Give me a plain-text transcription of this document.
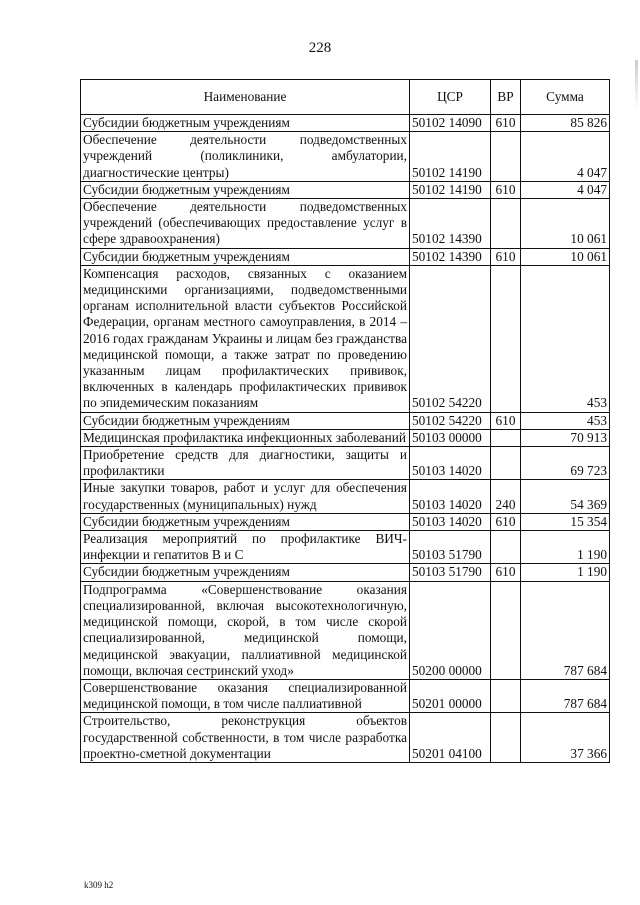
228
Наименование	ЦСР	ВР	Сумма
Субсидии бюджетным учреждениям	50102 14090	610	85 826
Обеспечение деятельности подведомственных учреждений (поликлиники, амбулатории, диагностические центры)	50102 14190		4 047
Субсидии бюджетным учреждениям	50102 14190	610	4 047
Обеспечение деятельности подведомственных учреждений (обеспечивающих предоставление услуг в сфере здравоохранения)	50102 14390		10 061
Субсидии бюджетным учреждениям	50102 14390	610	10 061
Компенсация расходов, связанных с оказанием медицинскими организациями, подведомственными органам исполнительной власти субъектов Российской Федерации, органам местного самоуправления, в 2014 – 2016 годах гражданам Украины и лицам без гражданства медицинской помощи, а также затрат по проведению указанным лицам профилактических прививок, включенных в календарь профилактических прививок по эпидемическим показаниям	50102 54220		453
Субсидии бюджетным учреждениям	50102 54220	610	453
Медицинская профилактика инфекционных заболеваний	50103 00000		70 913
Приобретение средств для диагностики, защиты и профилактики	50103 14020		69 723
Иные закупки товаров, работ и услуг для обеспечения государственных (муниципальных) нужд	50103 14020	240	54 369
Субсидии бюджетным учреждениям	50103 14020	610	15 354
Реализация мероприятий по профилактике ВИЧ-инфекции и гепатитов В и С	50103 51790		1 190
Субсидии бюджетным учреждениям	50103 51790	610	1 190
Подпрограмма «Совершенствование оказания специализированной, включая высокотехнологичную, медицинской помощи, скорой, в том числе скорой специализированной, медицинской помощи, медицинской эвакуации, паллиативной медицинской помощи, включая сестринский уход»	50200 00000		787 684
Совершенствование оказания специализированной медицинской помощи, в том числе паллиативной	50201 00000		787 684
Строительство, реконструкция объектов государственной собственности, в том числе разработка проектно-сметной документации	50201 04100		37 366
k309 h2
